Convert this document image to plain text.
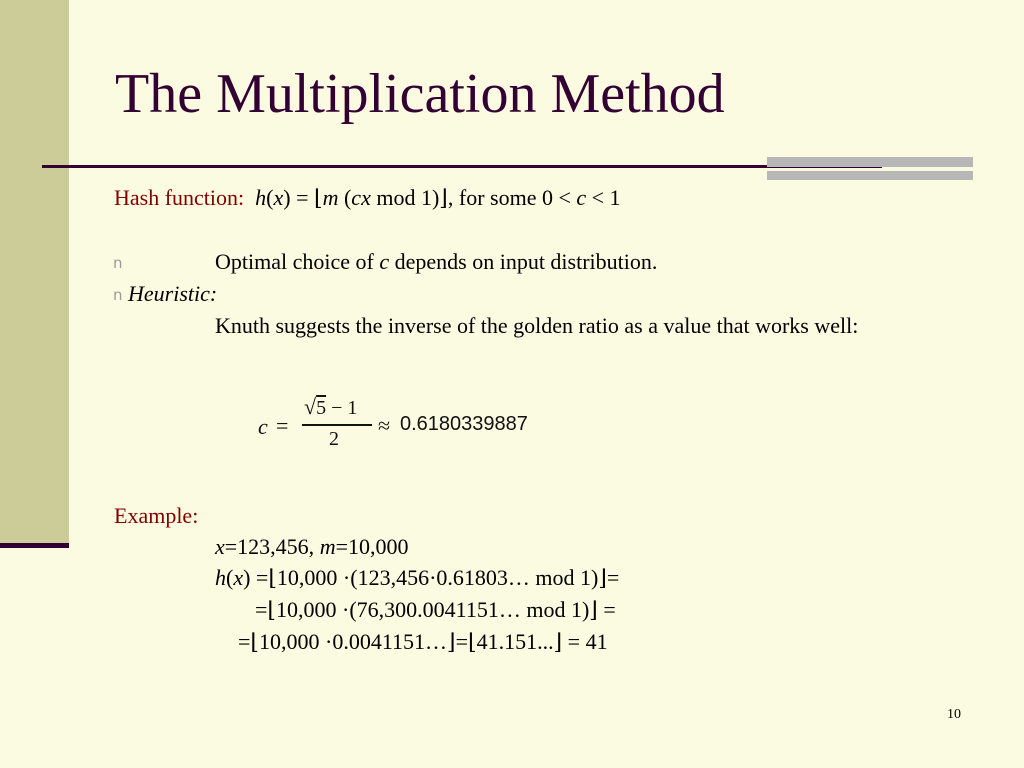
The Multiplication Method
Hash function: h(x) = ⌊m (cx mod 1)⌋, for some 0 < c < 1
n	Optimal choice of c depends on input distribution.
n Heuristic:
Knuth suggests the inverse of the golden ratio as a value that works well:
c =
√5 − 1
2
≈ 0.6180339887
Example:
x=123,456, m=10,000
h(x) =⌊10,000 ·(123,456·0.61803… mod 1)⌋=
=⌊10,000 ·(76,300.0041151… mod 1)⌋ =
=⌊10,000 ·0.0041151…⌋=⌊41.151...⌋ = 41
10
